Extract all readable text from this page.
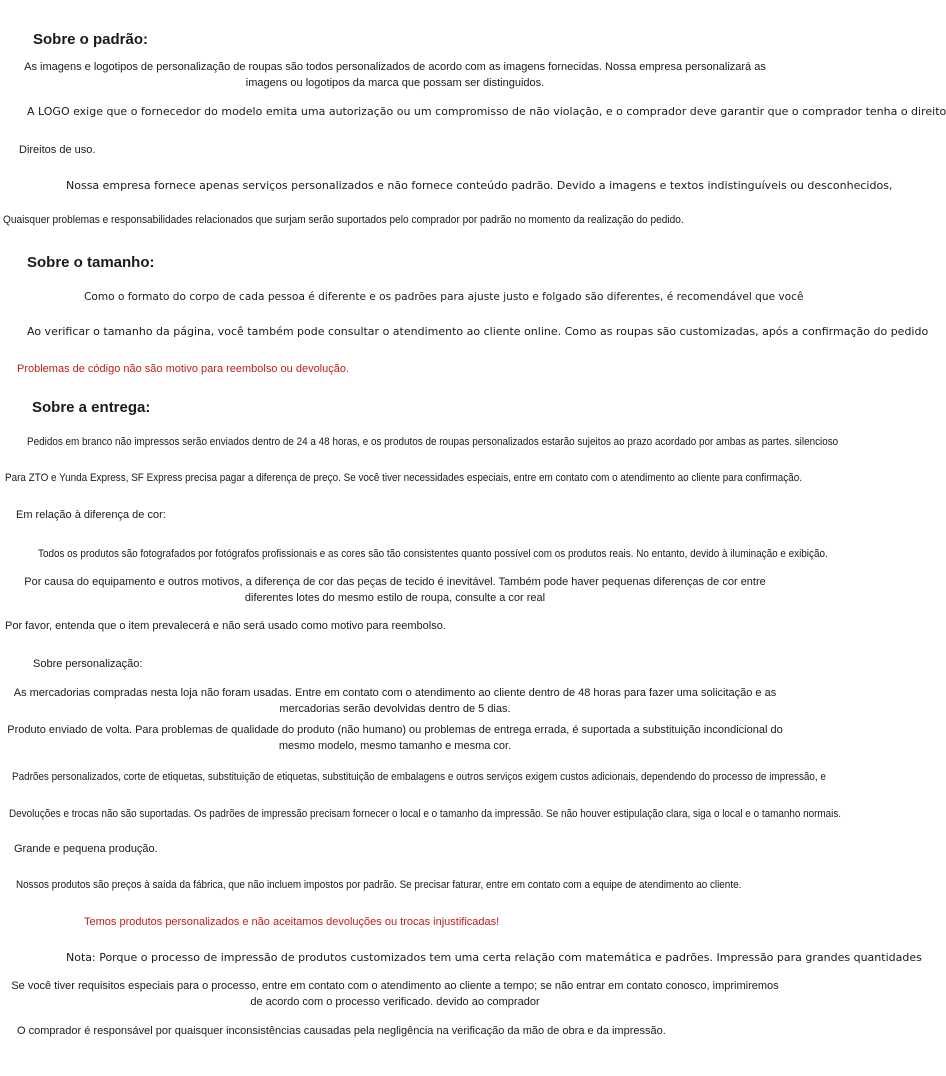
Sobre o padrão:
As imagens e logotipos de personalização de roupas são todos personalizados de acordo com as imagens fornecidas. Nossa empresa personalizará as imagens ou logotipos da marca que possam ser distinguidos.
A LOGO exige que o fornecedor do modelo emita uma autorização ou um compromisso de não violação, e o comprador deve garantir que o comprador tenha o direito
Direitos de uso.
Nossa empresa fornece apenas serviços personalizados e não fornece conteúdo padrão. Devido a imagens e textos indistinguíveis ou desconhecidos,
Quaisquer problemas e responsabilidades relacionados que surjam serão suportados pelo comprador por padrão no momento da realização do pedido.
Sobre o tamanho:
Como o formato do corpo de cada pessoa é diferente e os padrões para ajuste justo e folgado são diferentes, é recomendável que você
Ao verificar o tamanho da página, você também pode consultar o atendimento ao cliente online. Como as roupas são customizadas, após a confirmação do pedido
Problemas de código não são motivo para reembolso ou devolução.
Sobre a entrega:
Pedidos em branco não impressos serão enviados dentro de 24 a 48 horas, e os produtos de roupas personalizados estarão sujeitos ao prazo acordado por ambas as partes. silencioso
Para ZTO e Yunda Express, SF Express precisa pagar a diferença de preço. Se você tiver necessidades especiais, entre em contato com o atendimento ao cliente para confirmação.
Em relação à diferença de cor:
Todos os produtos são fotografados por fotógrafos profissionais e as cores são tão consistentes quanto possível com os produtos reais. No entanto, devido à iluminação e exibição.
Por causa do equipamento e outros motivos, a diferença de cor das peças de tecido é inevitável. Também pode haver pequenas diferenças de cor entre diferentes lotes do mesmo estilo de roupa, consulte a cor real
Por favor, entenda que o item prevalecerá e não será usado como motivo para reembolso.
Sobre personalização:
As mercadorias compradas nesta loja não foram usadas. Entre em contato com o atendimento ao cliente dentro de 48 horas para fazer uma solicitação e as mercadorias serão devolvidas dentro de 5 dias.
Produto enviado de volta. Para problemas de qualidade do produto (não humano) ou problemas de entrega errada, é suportada a substituição incondicional do mesmo modelo, mesmo tamanho e mesma cor.
Padrões personalizados, corte de etiquetas, substituição de etiquetas, substituição de embalagens e outros serviços exigem custos adicionais, dependendo do processo de impressão, e
Devoluções e trocas não são suportadas. Os padrões de impressão precisam fornecer o local e o tamanho da impressão. Se não houver estipulação clara, siga o local e o tamanho normais.
Grande e pequena produção.
Nossos produtos são preços à saída da fábrica, que não incluem impostos por padrão. Se precisar faturar, entre em contato com a equipe de atendimento ao cliente.
Temos produtos personalizados e não aceitamos devoluções ou trocas injustificadas!
Nota: Porque o processo de impressão de produtos customizados tem uma certa relação com matemática e padrões. Impressão para grandes quantidades
Se você tiver requisitos especiais para o processo, entre em contato com o atendimento ao cliente a tempo; se não entrar em contato conosco, imprimiremos de acordo com o processo verificado. devido ao comprador
O comprador é responsável por quaisquer inconsistências causadas pela negligência na verificação da mão de obra e da impressão.
